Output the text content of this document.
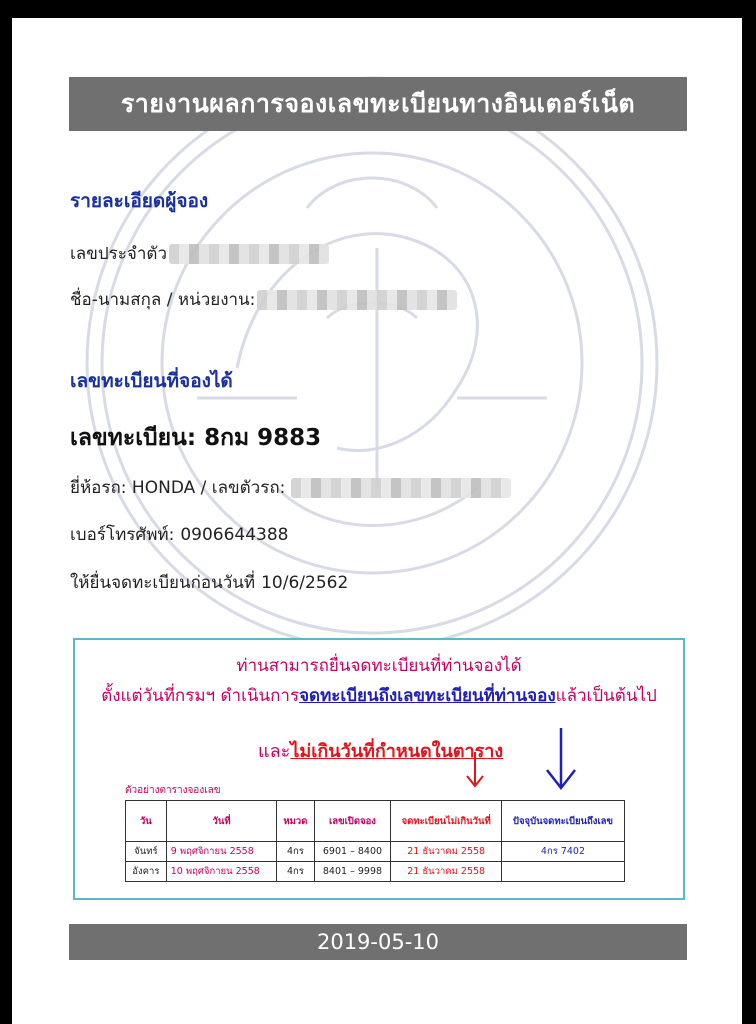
รายงานผลการจองเลขทะเบียนทางอินเตอร์เน็ต
รายละเอียดผู้จอง
เลขประจำตัว
ชื่อ-นามสกุล / หน่วยงาน:
เลขทะเบียนที่จองได้
เลขทะเบียน: 8กม 9883
ยี่ห้อรถ: HONDA / เลขตัวรถ:
เบอร์โทรศัพท์: 0906644388
ให้ยื่นจดทะเบียนก่อนวันที่ 10/6/2562
ท่านสามารถยื่นจดทะเบียนที่ท่านจองได้
ตั้งแต่วันที่กรมฯ ดำเนินการจดทะเบียนถึงเลขทะเบียนที่ท่านจองแล้วเป็นต้นไป
และไม่เกินวันที่กำหนดในตาราง
ตัวอย่างตารางจองเลข
วัน	วันที่	หมวด	เลขเปิดจอง	จดทะเบียนไม่เกินวันที่	ปัจจุบันจดทะเบียนถึงเลข
จันทร์	9 พฤศจิกายน 2558	4กร	6901 – 8400	21 ธันวาคม 2558	4กร 7402
อังคาร	10 พฤศจิกายน 2558	4กร	8401 – 9998	21 ธันวาคม 2558	
2019-05-10
